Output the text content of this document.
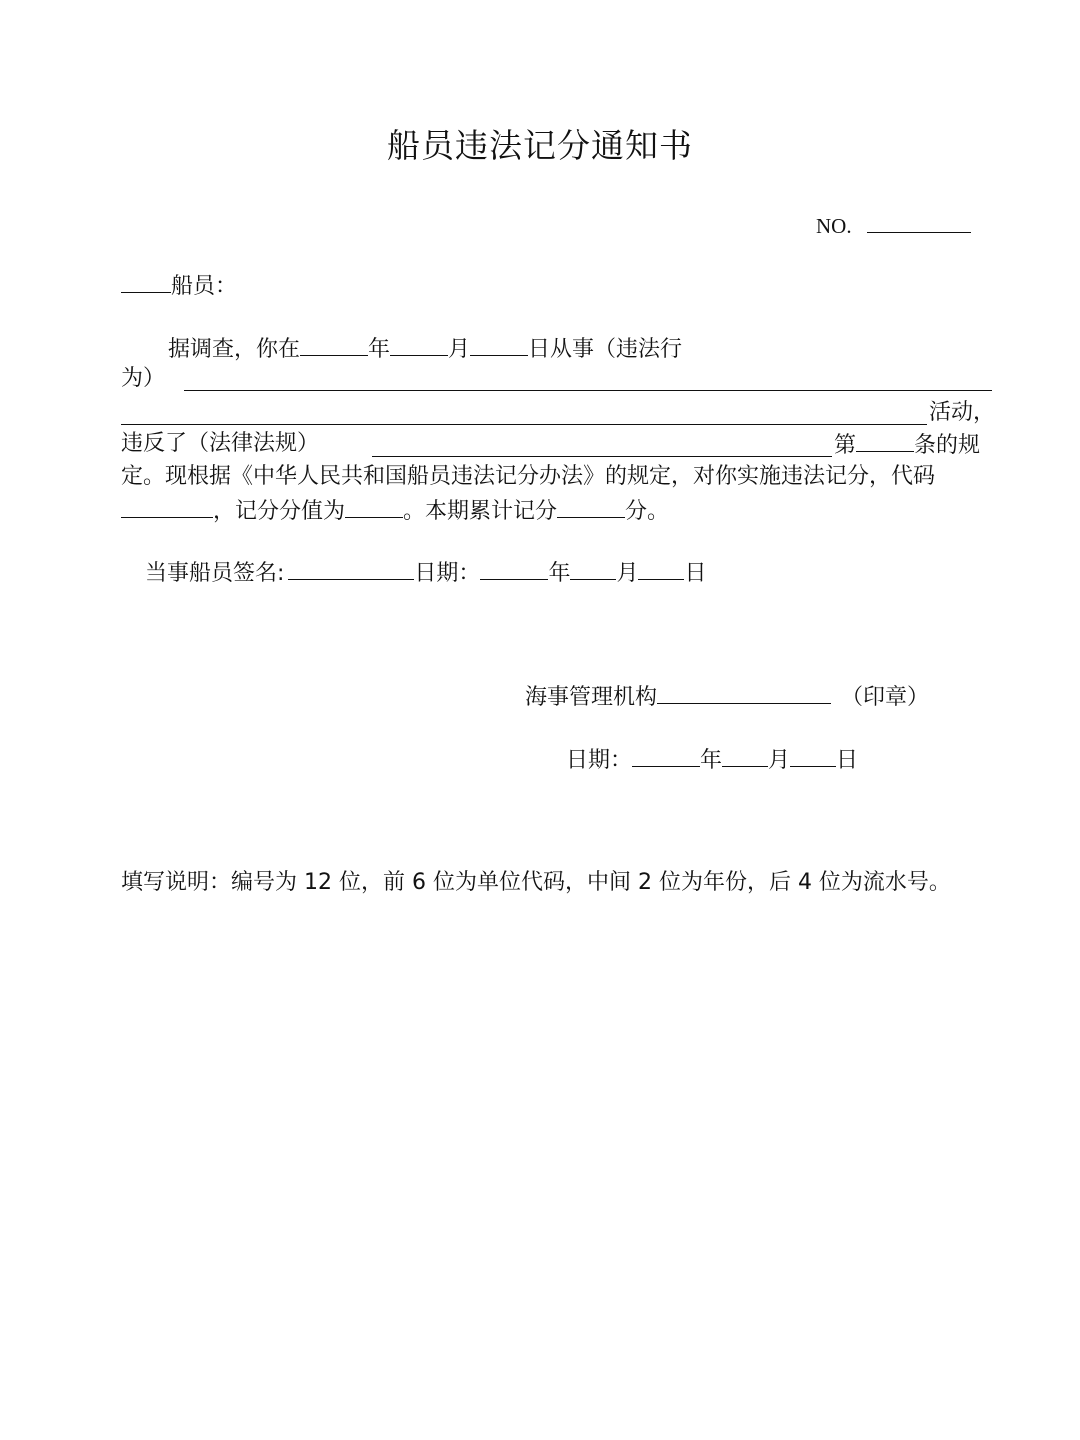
船员违法记分通知书
NO.
船员：
据调查，你在	年	月	日从事（违法行
为）
活动，
违反了（法律法规）	第	条的规
定。现根据《中华人民共和国船员违法记分办法》的规定，对你实施违法记分，代码
，记分分值为	。本期累计记分	分。
当事船员签名:	日期：	年 月 日
海事管理机构	（印章）
日期：	年 月 日
填写说明：编号为 12 位，前 6 位为单位代码，中间 2 位为年份，后 4 位为流水号。
